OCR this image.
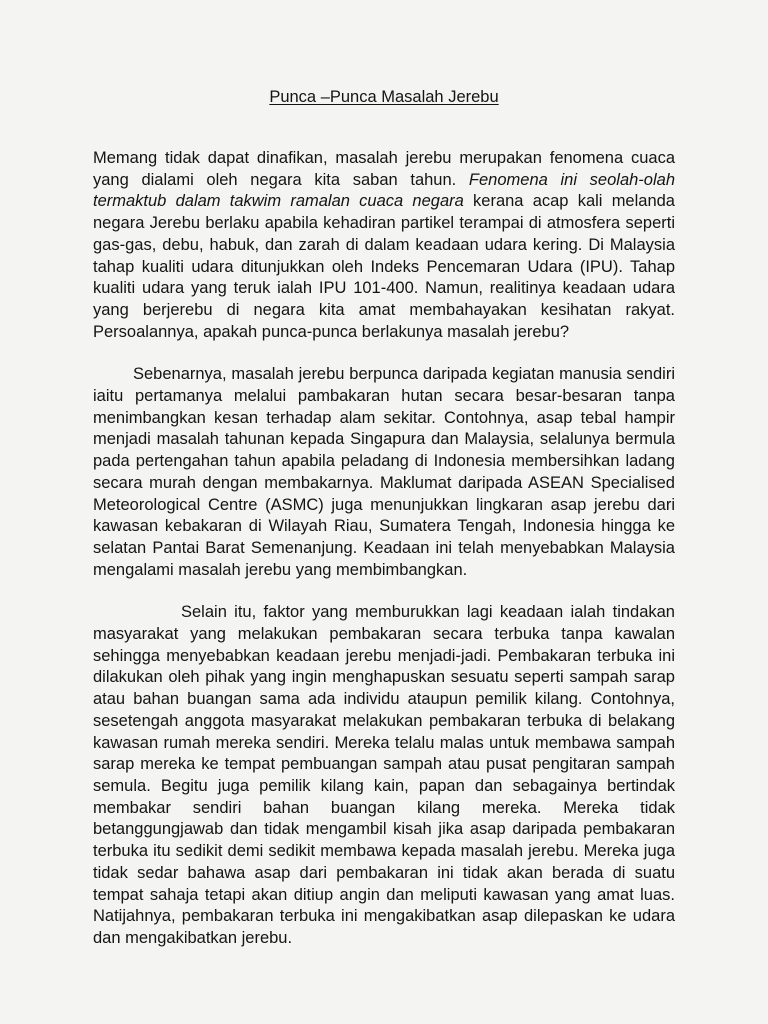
Punca –Punca Masalah Jerebu

Memang tidak dapat dinafikan, masalah jerebu merupakan fenomena cuaca yang dialami oleh negara kita saban tahun. Fenomena ini seolah-olah termaktub dalam takwim ramalan cuaca negara kerana acap kali melanda negara Jerebu berlaku apabila kehadiran partikel terampai di atmosfera seperti gas-gas, debu, habuk, dan zarah di dalam keadaan udara kering. Di Malaysia tahap kualiti udara ditunjukkan oleh Indeks Pencemaran Udara (IPU). Tahap kualiti udara yang teruk ialah IPU 101-400. Namun, realitinya keadaan udara yang berjerebu di negara kita amat membahayakan kesihatan rakyat. Persoalannya, apakah punca-punca berlakunya masalah jerebu?

Sebenarnya, masalah jerebu berpunca daripada kegiatan manusia sendiri iaitu pertamanya melalui pambakaran hutan secara besar-besaran tanpa menimbangkan kesan terhadap alam sekitar. Contohnya, asap tebal hampir menjadi masalah tahunan kepada Singapura dan Malaysia, selalunya bermula pada pertengahan tahun apabila peladang di Indonesia membersihkan ladang secara murah dengan membakarnya. Maklumat daripada ASEAN Specialised Meteorological Centre (ASMC) juga menunjukkan lingkaran asap jerebu dari kawasan kebakaran di Wilayah Riau, Sumatera Tengah, Indonesia hingga ke selatan Pantai Barat Semenanjung. Keadaan ini telah menyebabkan Malaysia mengalami masalah jerebu yang membimbangkan.

Selain itu, faktor yang memburukkan lagi keadaan ialah tindakan masyarakat yang melakukan pembakaran secara terbuka tanpa kawalan sehingga menyebabkan keadaan jerebu menjadi-jadi. Pembakaran terbuka ini dilakukan oleh pihak yang ingin menghapuskan sesuatu seperti sampah sarap atau bahan buangan sama ada individu ataupun pemilik kilang. Contohnya, sesetengah anggota masyarakat melakukan pembakaran terbuka di belakang kawasan rumah mereka sendiri. Mereka telalu malas untuk membawa sampah sarap mereka ke tempat pembuangan sampah atau pusat pengitaran sampah semula. Begitu juga pemilik kilang kain, papan dan sebagainya bertindak membakar sendiri bahan buangan kilang mereka. Mereka tidak betanggungjawab dan tidak mengambil kisah jika asap daripada pembakaran terbuka itu sedikit demi sedikit membawa kepada masalah jerebu. Mereka juga tidak sedar bahawa asap dari pembakaran ini tidak akan berada di suatu tempat sahaja tetapi akan ditiup angin dan meliputi kawasan yang amat luas. Natijahnya, pembakaran terbuka ini mengakibatkan asap dilepaskan ke udara dan mengakibatkan jerebu.
